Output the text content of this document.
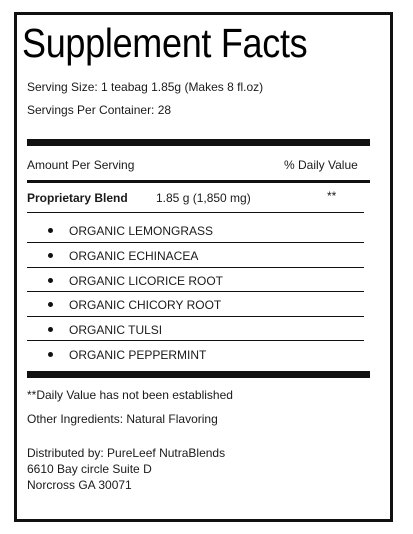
Supplement Facts
Serving Size: 1 teabag 1.85g (Makes 8 fl.oz)
Servings Per Container: 28
Amount Per Serving	% Daily Value
Proprietary Blend 1.85 g (1,850 mg)	**
ORGANIC LEMONGRASS
ORGANIC ECHINACEA
ORGANIC LICORICE ROOT
ORGANIC CHICORY ROOT
ORGANIC TULSI
ORGANIC PEPPERMINT
**Daily Value has not been established
Other Ingredients: Natural Flavoring
Distributed by: PureLeef NutraBlends
6610 Bay circle Suite D
Norcross GA 30071
